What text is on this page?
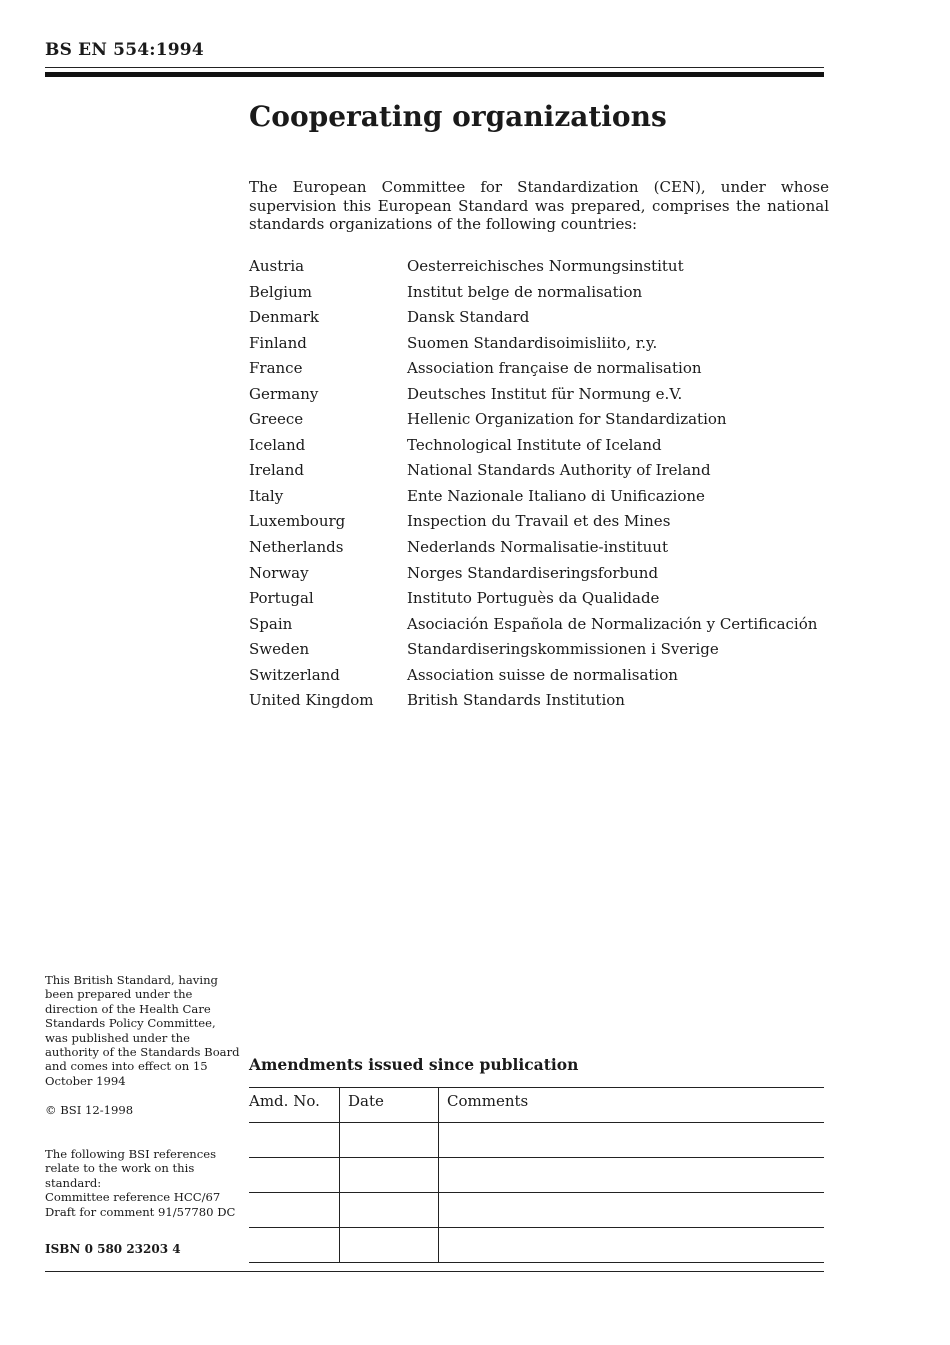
BS EN 554:1994
Cooperating organizations

The European Committee for Standardization (CEN), under whose supervision this European Standard was prepared, comprises the national standards organizations of the following countries:

Austria	Oesterreichisches Normungsinstitut
Belgium	Institut belge de normalisation
Denmark	Dansk Standard
Finland	Suomen Standardisoimisliito, r.y.
France	Association française de normalisation
Germany	Deutsches Institut für Normung e.V.
Greece	Hellenic Organization for Standardization
Iceland	Technological Institute of Iceland
Ireland	National Standards Authority of Ireland
Italy	Ente Nazionale Italiano di Unificazione
Luxembourg	Inspection du Travail et des Mines
Netherlands	Nederlands Normalisatie-instituut
Norway	Norges Standardiseringsforbund
Portugal	Instituto Portuguès da Qualidade
Spain	Asociación Española de Normalización y Certificación
Sweden	Standardiseringskommissionen i Sverige
Switzerland	Association suisse de normalisation
United Kingdom	British Standards Institution

This British Standard, having been prepared under the direction of the Health Care Standards Policy Committee, was published under the authority of the Standards Board and comes into effect on 15 October 1994

© BSI 12-1998

The following BSI references relate to the work on this standard:
Committee reference HCC/67
Draft for comment 91/57780 DC
ISBN 0 580 23203 4
Amendments issued since publication
Amd. No.	Date	Comments
